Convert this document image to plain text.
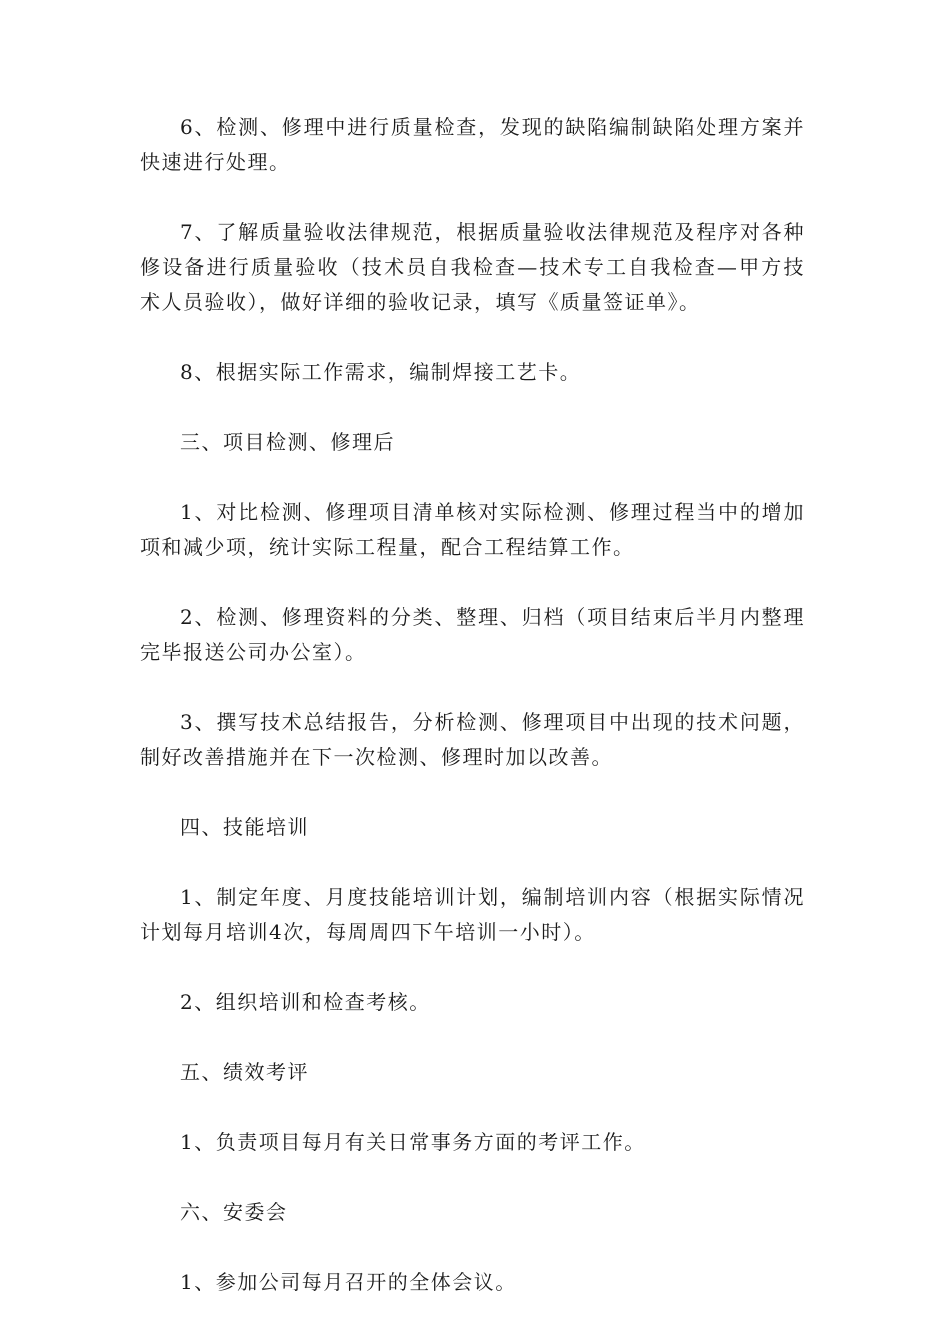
6、检测、修理中进行质量检查，发现的缺陷编制缺陷处理方案并快速进行处理。

7、了解质量验收法律规范，根据质量验收法律规范及程序对各种修设备进行质量验收（技术员自我检查—技术专工自我检查—甲方技术人员验收），做好详细的验收记录，填写《质量签证单》。

8、根据实际工作需求，编制焊接工艺卡。

三、项目检测、修理后

1、对比检测、修理项目清单核对实际检测、修理过程当中的增加项和减少项，统计实际工程量，配合工程结算工作。

2、检测、修理资料的分类、整理、归档（项目结束后半月内整理完毕报送公司办公室）。

3、撰写技术总结报告，分析检测、修理项目中出现的技术问题，制好改善措施并在下一次检测、修理时加以改善。

四、技能培训

1、制定年度、月度技能培训计划，编制培训内容（根据实际情况计划每月培训4次，每周周四下午培训一小时）。

2、组织培训和检查考核。

五、绩效考评

1、负责项目每月有关日常事务方面的考评工作。

六、安委会

1、参加公司每月召开的全体会议。
